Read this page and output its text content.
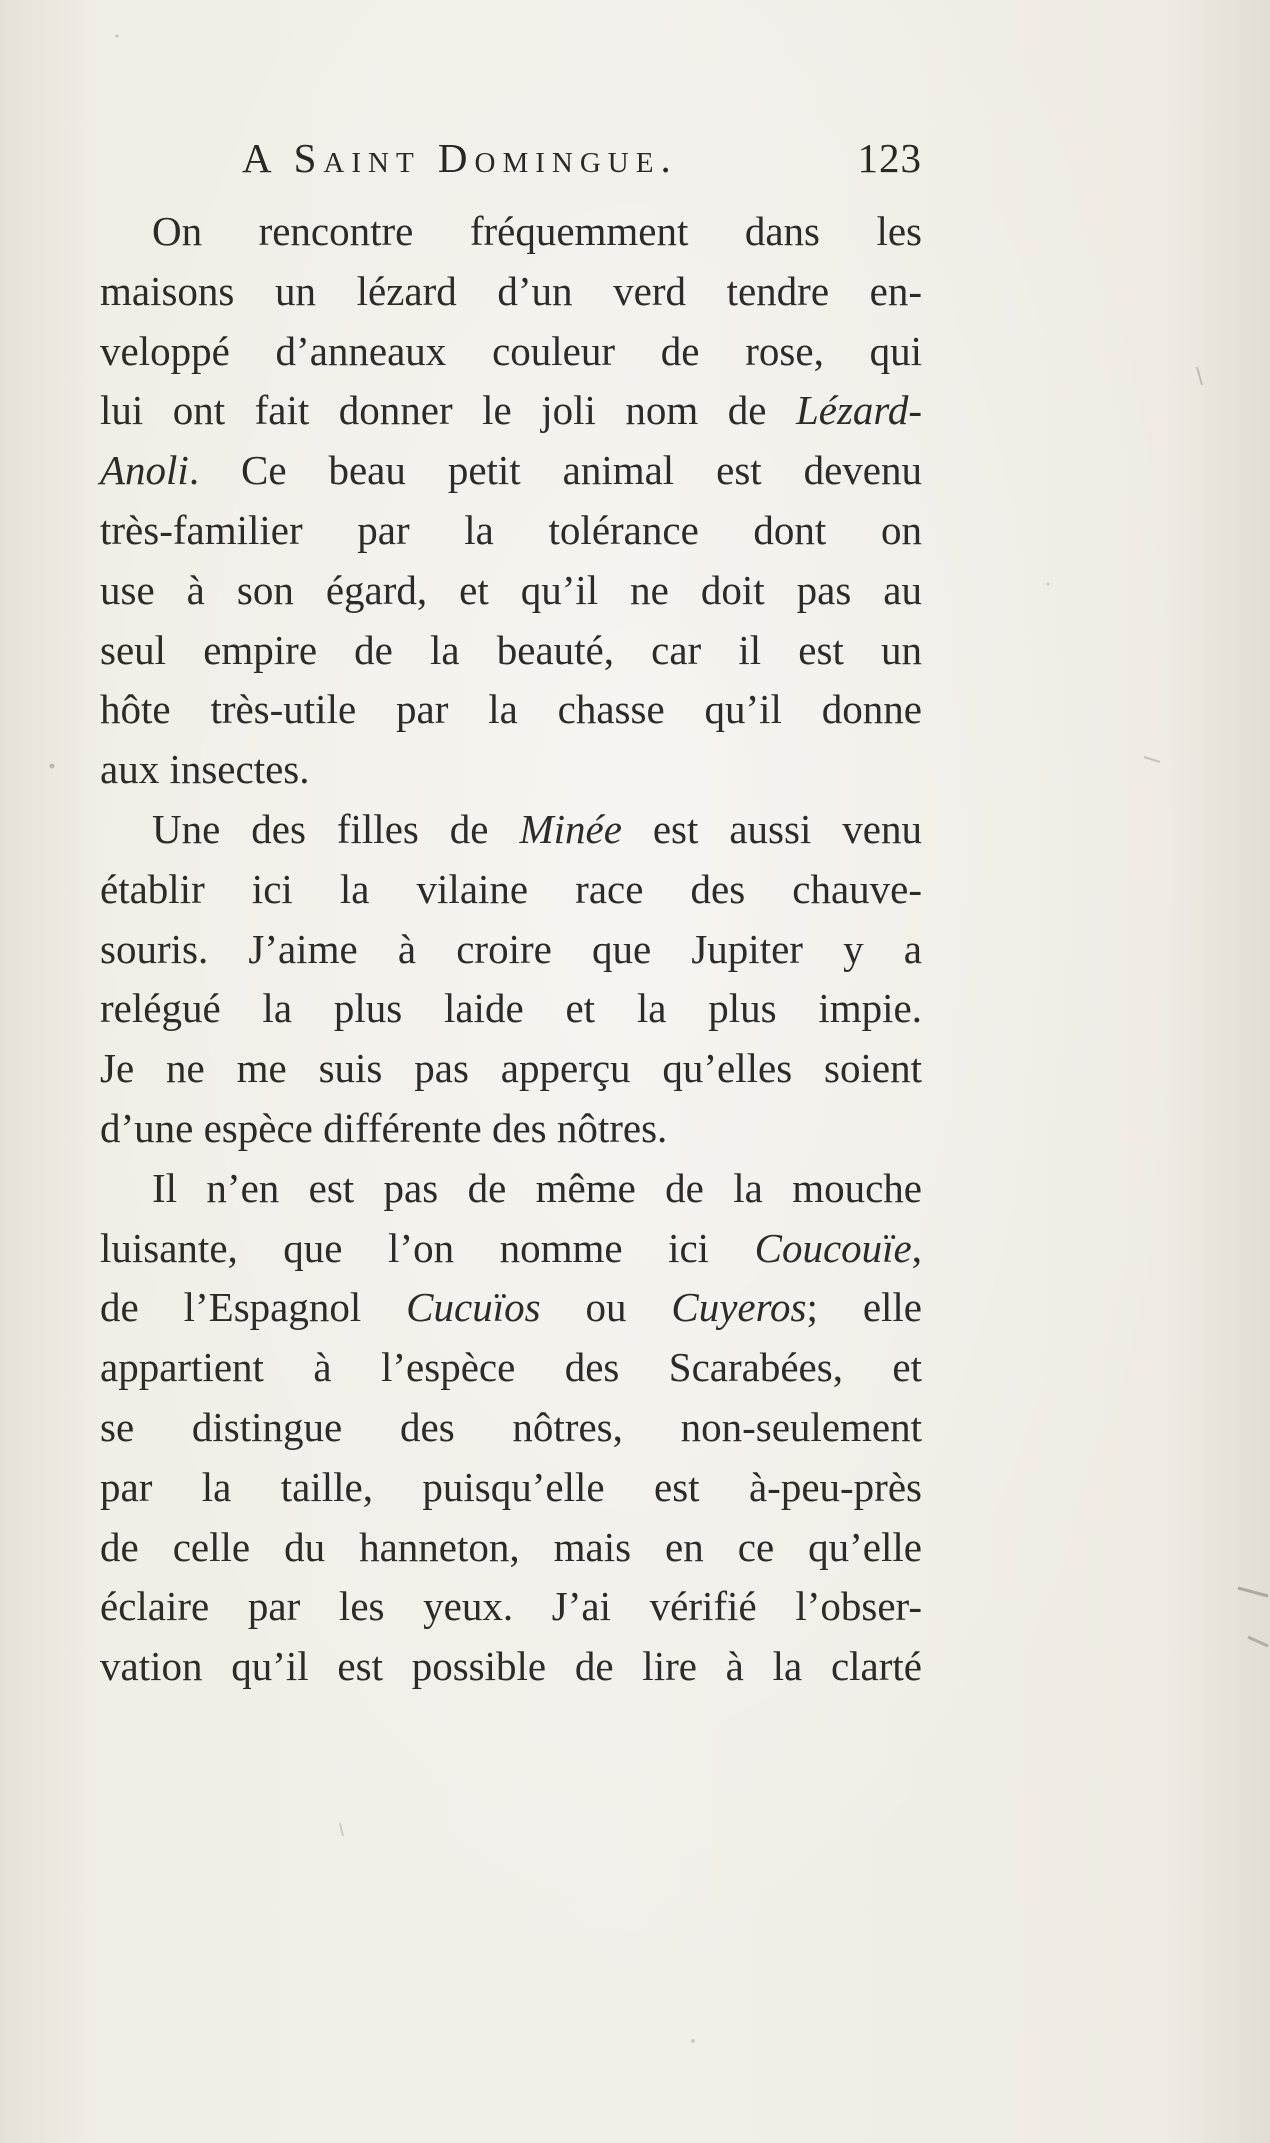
A Saint Domingue.	123
On rencontre fréquemment dans les
maisons un lézard d’un verd tendre en-
veloppé d’anneaux couleur de rose, qui
lui ont fait donner le joli nom de Lézard-
Anoli. Ce beau petit animal est devenu
très-familier par la tolérance dont on
use à son égard, et qu’il ne doit pas au
seul empire de la beauté, car il est un
hôte très-utile par la chasse qu’il donne
aux insectes.
Une des filles de Minée est aussi venu
établir ici la vilaine race des chauve-
souris. J’aime à croire que Jupiter y a
relégué la plus laide et la plus impie.
Je ne me suis pas apperçu qu’elles soient
d’une espèce différente des nôtres.
Il n’en est pas de même de la mouche
luisante, que l’on nomme ici Coucouïe,
de l’Espagnol Cucuïos ou Cuyeros; elle
appartient à l’espèce des Scarabées, et
se distingue des nôtres, non-seulement
par la taille, puisqu’elle est à-peu-près
de celle du hanneton, mais en ce qu’elle
éclaire par les yeux. J’ai vérifié l’obser-
vation qu’il est possible de lire à la clarté
